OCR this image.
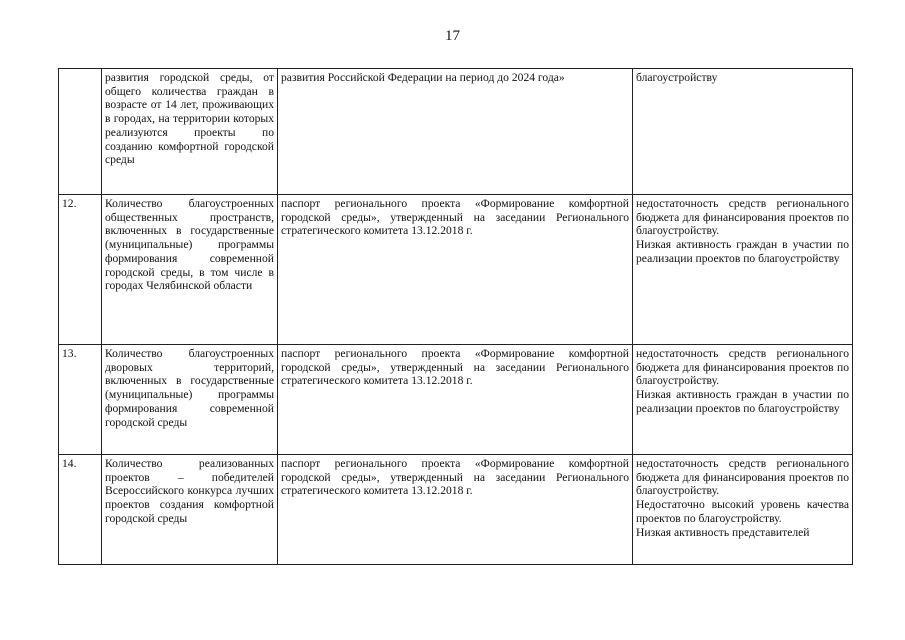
17
	развития городской среды, от общего количества граждан в возрасте от 14 лет, проживающих в городах, на территории которых реализуются проекты по созданию комфортной городской среды	развития Российской Федерации на период до 2024 года»	благоустройству

12.	Количество благоустроенных общественных пространств, включенных в государственные (муниципальные) программы формирования современной городской среды, в том числе в городах Челябинской области	паспорт регионального проекта «Формирование комфортной городской среды», утвержденный на заседании Регионального стратегического комитета 13.12.2018 г.	недостаточность средств регионального бюджета для финансирования проектов по благоустройству.
Низкая активность граждан в участии по реализации проектов по благоустройству

13.	Количество благоустроенных дворовых территорий, включенных в государственные (муниципальные) программы формирования современной городской среды	паспорт регионального проекта «Формирование комфортной городской среды», утвержденный на заседании Регионального стратегического комитета 13.12.2018 г.	недостаточность средств регионального бюджета для финансирования проектов по благоустройству.
Низкая активность граждан в участии по реализации проектов по благоустройству

14.	Количество реализованных проектов – победителей Всероссийского конкурса лучших проектов создания комфортной городской среды	паспорт регионального проекта «Формирование комфортной городской среды», утвержденный на заседании Регионального стратегического комитета 13.12.2018 г.	недостаточность средств регионального бюджета для финансирования проектов по благоустройству.
Недостаточно высокий уровень качества проектов по благоустройству.
Низкая активность представителей
